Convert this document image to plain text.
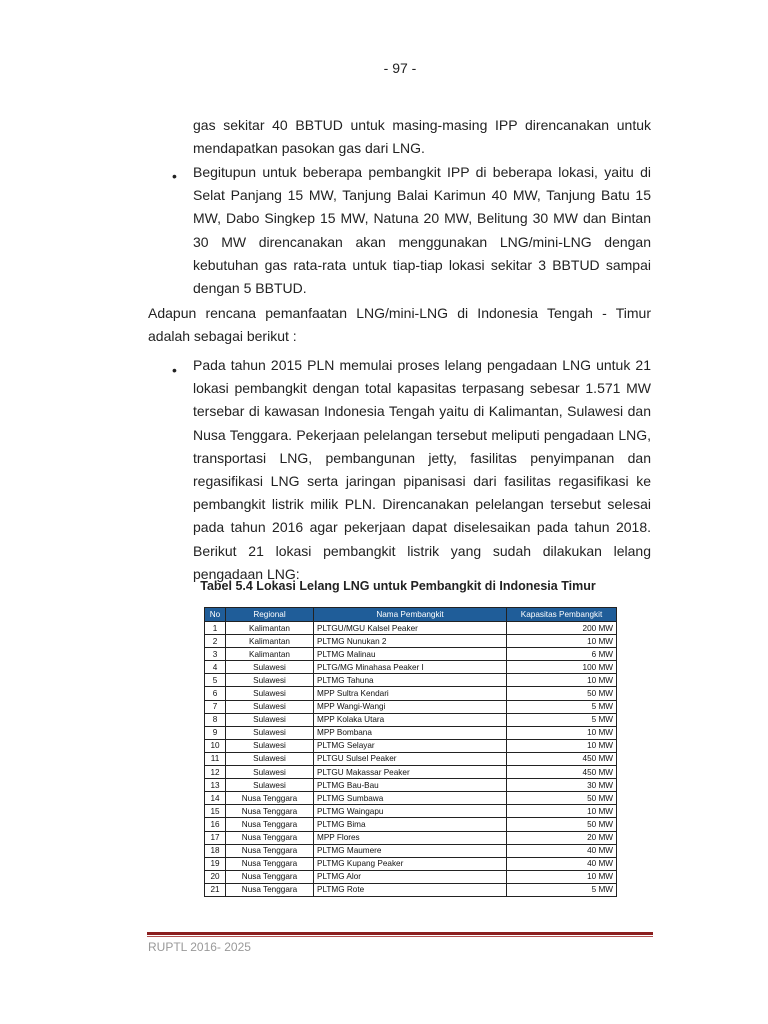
- 97 -
gas sekitar 40 BBTUD untuk masing-masing IPP direncanakan untuk mendapatkan pasokan gas dari LNG.
• Begitupun untuk beberapa pembangkit IPP di beberapa lokasi, yaitu di Selat Panjang 15 MW, Tanjung Balai Karimun 40 MW, Tanjung Batu 15 MW, Dabo Singkep 15 MW, Natuna 20 MW, Belitung 30 MW dan Bintan 30 MW direncanakan akan menggunakan LNG/mini-LNG dengan kebutuhan gas rata-rata untuk tiap-tiap lokasi sekitar 3 BBTUD sampai dengan 5 BBTUD.
Adapun rencana pemanfaatan LNG/mini-LNG di Indonesia Tengah - Timur adalah sebagai berikut :
• Pada tahun 2015 PLN memulai proses lelang pengadaan LNG untuk 21 lokasi pembangkit dengan total kapasitas terpasang sebesar 1.571 MW tersebar di kawasan Indonesia Tengah yaitu di Kalimantan, Sulawesi dan Nusa Tenggara. Pekerjaan pelelangan tersebut meliputi pengadaan LNG, transportasi LNG, pembangunan jetty, fasilitas penyimpanan dan regasifikasi LNG serta jaringan pipanisasi dari fasilitas regasifikasi ke pembangkit listrik milik PLN. Direncanakan pelelangan tersebut selesai pada tahun 2016 agar pekerjaan dapat diselesaikan pada tahun 2018. Berikut 21 lokasi pembangkit listrik yang sudah dilakukan lelang pengadaan LNG:
Tabel 5.4 Lokasi Lelang LNG untuk Pembangkit di Indonesia Timur
No	Regional	Nama Pembangkit	Kapasitas Pembangkit
1	Kalimantan	PLTGU/MGU Kalsel Peaker	200 MW
2	Kalimantan	PLTMG Nunukan 2	10 MW
3	Kalimantan	PLTMG Malinau	6 MW
4	Sulawesi	PLTG/MG Minahasa Peaker I	100 MW
5	Sulawesi	PLTMG Tahuna	10 MW
6	Sulawesi	MPP Sultra Kendari	50 MW
7	Sulawesi	MPP Wangi-Wangi	5 MW
8	Sulawesi	MPP Kolaka Utara	5 MW
9	Sulawesi	MPP Bombana	10 MW
10	Sulawesi	PLTMG Selayar	10 MW
11	Sulawesi	PLTGU Sulsel Peaker	450 MW
12	Sulawesi	PLTGU Makassar Peaker	450 MW
13	Sulawesi	PLTMG Bau-Bau	30 MW
14	Nusa Tenggara	PLTMG Sumbawa	50 MW
15	Nusa Tenggara	PLTMG Waingapu	10 MW
16	Nusa Tenggara	PLTMG Bima	50 MW
17	Nusa Tenggara	MPP Flores	20 MW
18	Nusa Tenggara	PLTMG Maumere	40 MW
19	Nusa Tenggara	PLTMG Kupang Peaker	40 MW
20	Nusa Tenggara	PLTMG Alor	10 MW
21	Nusa Tenggara	PLTMG Rote	5 MW
RUPTL 2016- 2025
